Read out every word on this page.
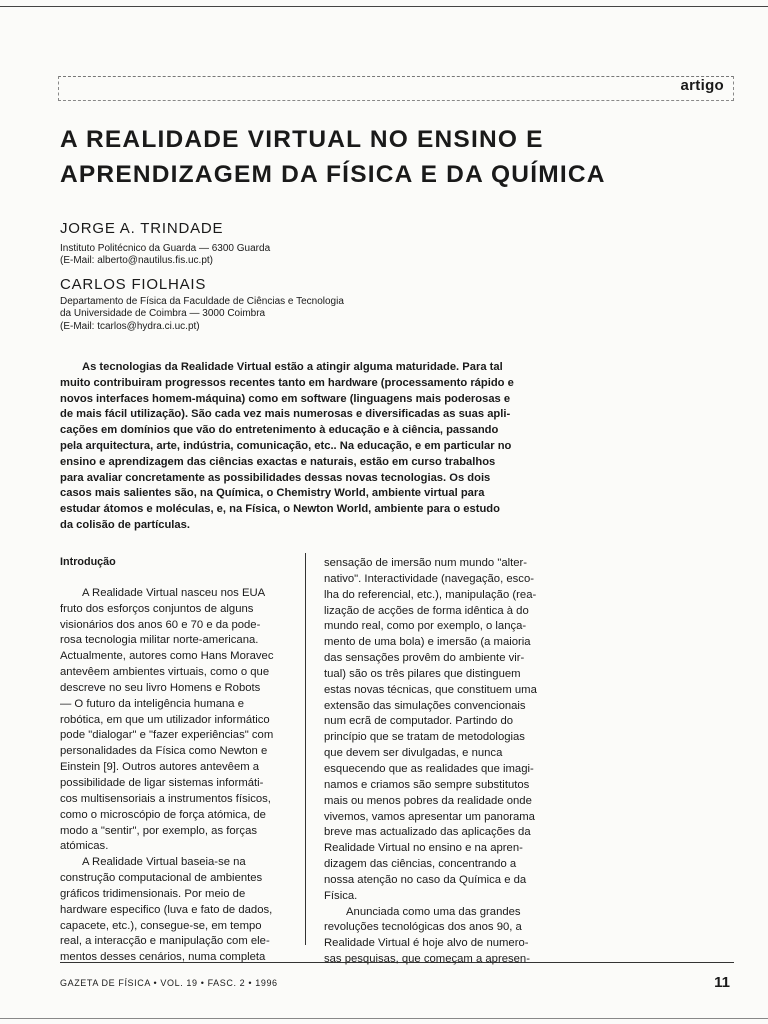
artigo
A REALIDADE VIRTUAL NO ENSINO E
APRENDIZAGEM DA FÍSICA E DA QUÍMICA

JORGE A. TRINDADE

Instituto Politécnico da Guarda — 6300 Guarda
(E-Mail: alberto@nautilus.fis.uc.pt)

CARLOS FIOLHAIS

Departamento de Física da Faculdade de Ciências e Tecnologia
da Universidade de Coimbra — 3000 Coimbra
(E-Mail: tcarlos@hydra.ci.uc.pt)
As tecnologias da Realidade Virtual estão a atingir alguma maturidade. Para tal
muito contribuiram progressos recentes tanto em hardware (processamento rápido e
novos interfaces homem-máquina) como em software (linguagens mais poderosas e
de mais fácil utilização). São cada vez mais numerosas e diversificadas as suas apli-
cações em domínios que vão do entretenimento à educação e à ciência, passando
pela arquitectura, arte, indústria, comunicação, etc.. Na educação, e em particular no
ensino e aprendizagem das ciências exactas e naturais, estão em curso trabalhos
para avaliar concretamente as possibilidades dessas novas tecnologias. Os dois
casos mais salientes são, na Química, o Chemistry World, ambiente virtual para
estudar átomos e moléculas, e, na Física, o Newton World, ambiente para o estudo
da colisão de partículas.
Introdução
A Realidade Virtual nasceu nos EUA
fruto dos esforços conjuntos de alguns
visionários dos anos 60 e 70 e da pode-
rosa tecnologia militar norte-americana.
Actualmente, autores como Hans Moravec
antevêem ambientes virtuais, como o que
descreve no seu livro Homens e Robots
— O futuro da inteligência humana e
robótica, em que um utilizador informático
pode "dialogar" e "fazer experiências" com
personalidades da Física como Newton e
Einstein [9]. Outros autores antevêem a
possibilidade de ligar sistemas informáti-
cos multisensoriais a instrumentos físicos,
como o microscópio de força atómica, de
modo a "sentir", por exemplo, as forças
atómicas.
A Realidade Virtual baseia-se na
construção computacional de ambientes
gráficos tridimensionais. Por meio de
hardware especifico (luva e fato de dados,
capacete, etc.), consegue-se, em tempo
real, a interacção e manipulação com ele-
mentos desses cenários, numa completa
sensação de imersão num mundo "alter-
nativo". Interactividade (navegação, esco-
lha do referencial, etc.), manipulação (rea-
lização de acções de forma idêntica à do
mundo real, como por exemplo, o lança-
mento de uma bola) e imersão (a maioria
das sensações provêm do ambiente vir-
tual) são os três pilares que distinguem
estas novas técnicas, que constituem uma
extensão das simulações convencionais
num ecrã de computador. Partindo do
princípio que se tratam de metodologias
que devem ser divulgadas, e nunca
esquecendo que as realidades que imagi-
namos e criamos são sempre substitutos
mais ou menos pobres da realidade onde
vivemos, vamos apresentar um panorama
breve mas actualizado das aplicações da
Realidade Virtual no ensino e na apren-
dizagem das ciências, concentrando a
nossa atenção no caso da Química e da
Física.
Anunciada como uma das grandes
revoluções tecnológicas dos anos 90, a
Realidade Virtual é hoje alvo de numero-
sas pesquisas, que começam a apresen-
GAZETA DE FÍSICA • VOL. 19 • FASC. 2 • 1996	11
